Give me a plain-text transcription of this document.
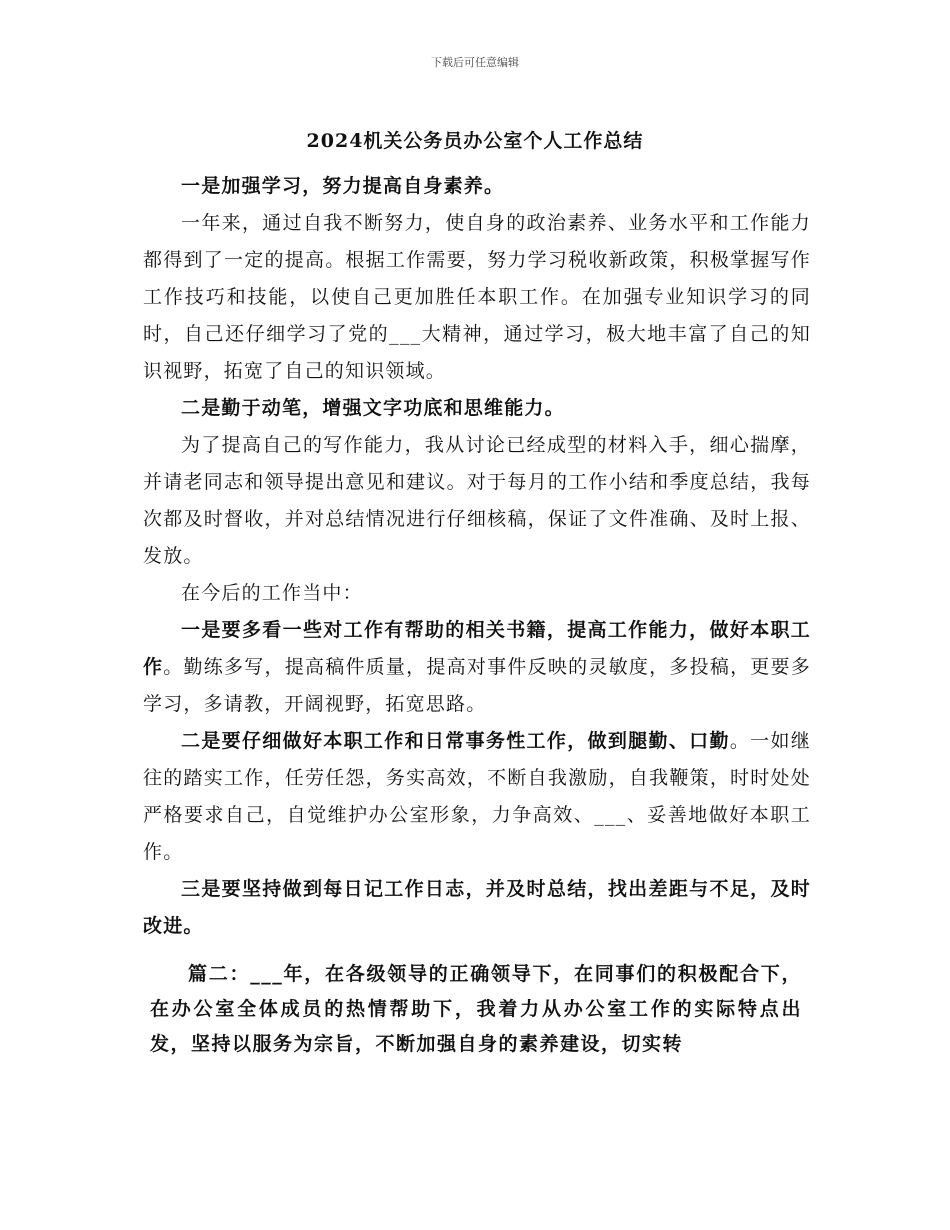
下载后可任意编辑
2024机关公务员办公室个人工作总结

一是加强学习，努力提高自身素养。

一年来，通过自我不断努力，使自身的政治素养、业务水平和工作能力都得到了一定的提高。根据工作需要，努力学习税收新政策，积极掌握写作工作技巧和技能，以使自己更加胜任本职工作。在加强专业知识学习的同时，自己还仔细学习了党的___大精神，通过学习，极大地丰富了自己的知识视野，拓宽了自己的知识领域。

二是勤于动笔，增强文字功底和思维能力。

为了提高自己的写作能力，我从讨论已经成型的材料入手，细心揣摩，并请老同志和领导提出意见和建议。对于每月的工作小结和季度总结，我每次都及时督收，并对总结情况进行仔细核稿，保证了文件准确、及时上报、发放。

在今后的工作当中：

一是要多看一些对工作有帮助的相关书籍，提高工作能力，做好本职工作。勤练多写，提高稿件质量，提高对事件反映的灵敏度，多投稿，更要多学习，多请教，开阔视野，拓宽思路。

二是要仔细做好本职工作和日常事务性工作，做到腿勤、口勤。一如继往的踏实工作，任劳任怨，务实高效，不断自我激励，自我鞭策，时时处处严格要求自己，自觉维护办公室形象，力争高效、___、妥善地做好本职工作。

三是要坚持做到每日记工作日志，并及时总结，找出差距与不足，及时改进。

篇二：___年，在各级领导的正确领导下，在同事们的积极配合下，在办公室全体成员的热情帮助下，我着力从办公室工作的实际特点出发，坚持以服务为宗旨，不断加强自身的素养建设，切实转
